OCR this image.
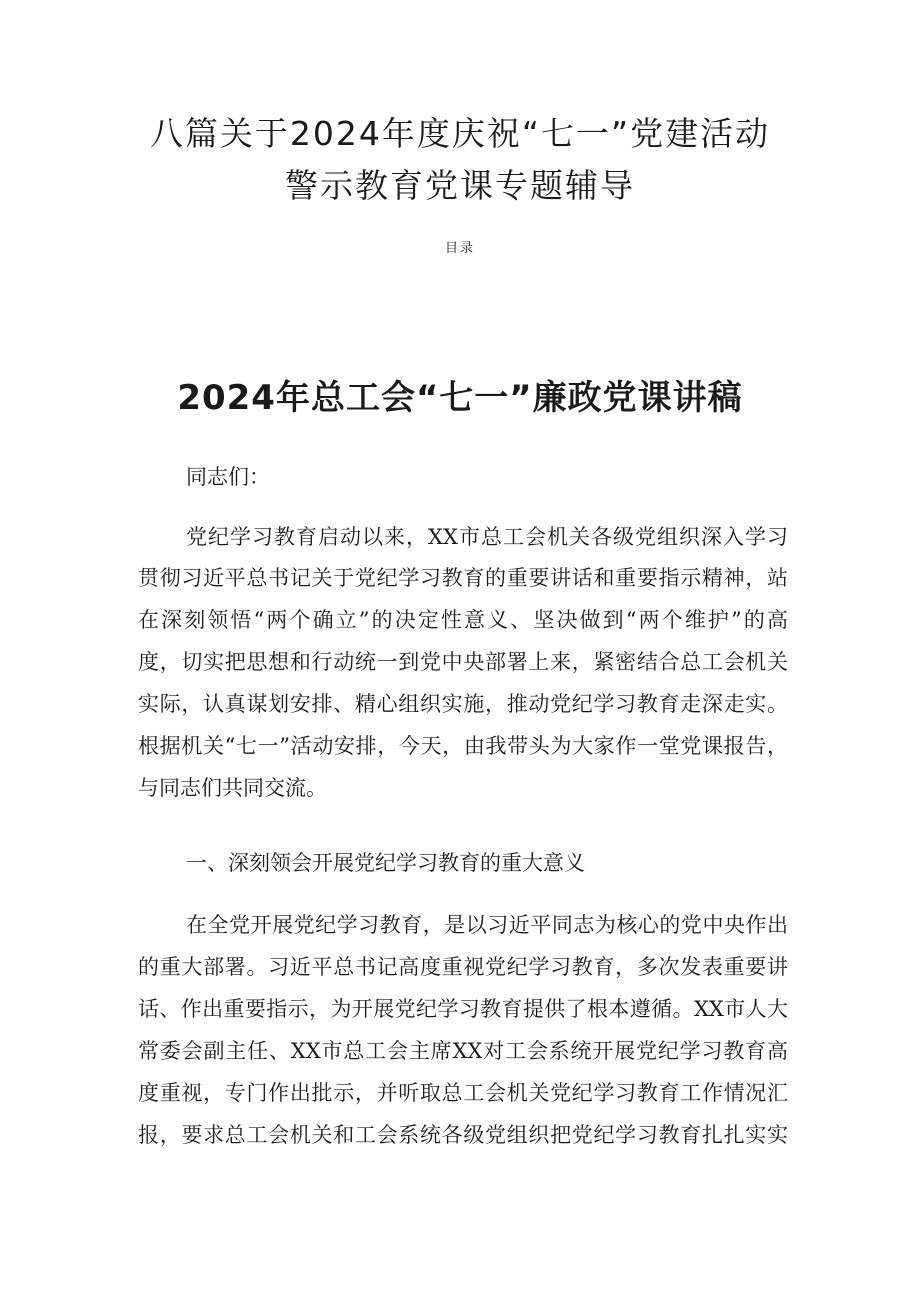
八篇关于2024年度庆祝“七一”党建活动
警示教育党课专题辅导
目录
2024年总工会“七一”廉政党课讲稿
同志们：
党纪学习教育启动以来，XX市总工会机关各级党组织深入学习
贯彻习近平总书记关于党纪学习教育的重要讲话和重要指示精神，站
在深刻领悟“两个确立”的决定性意义、坚决做到“两个维护”的高
度，切实把思想和行动统一到党中央部署上来，紧密结合总工会机关
实际，认真谋划安排、精心组织实施，推动党纪学习教育走深走实。
根据机关“七一”活动安排，今天，由我带头为大家作一堂党课报告，
与同志们共同交流。
一、深刻领会开展党纪学习教育的重大意义
在全党开展党纪学习教育，是以习近平同志为核心的党中央作出
的重大部署。习近平总书记高度重视党纪学习教育，多次发表重要讲
话、作出重要指示，为开展党纪学习教育提供了根本遵循。XX市人大
常委会副主任、XX市总工会主席XX对工会系统开展党纪学习教育高
度重视，专门作出批示，并听取总工会机关党纪学习教育工作情况汇
报，要求总工会机关和工会系统各级党组织把党纪学习教育扎扎实实
